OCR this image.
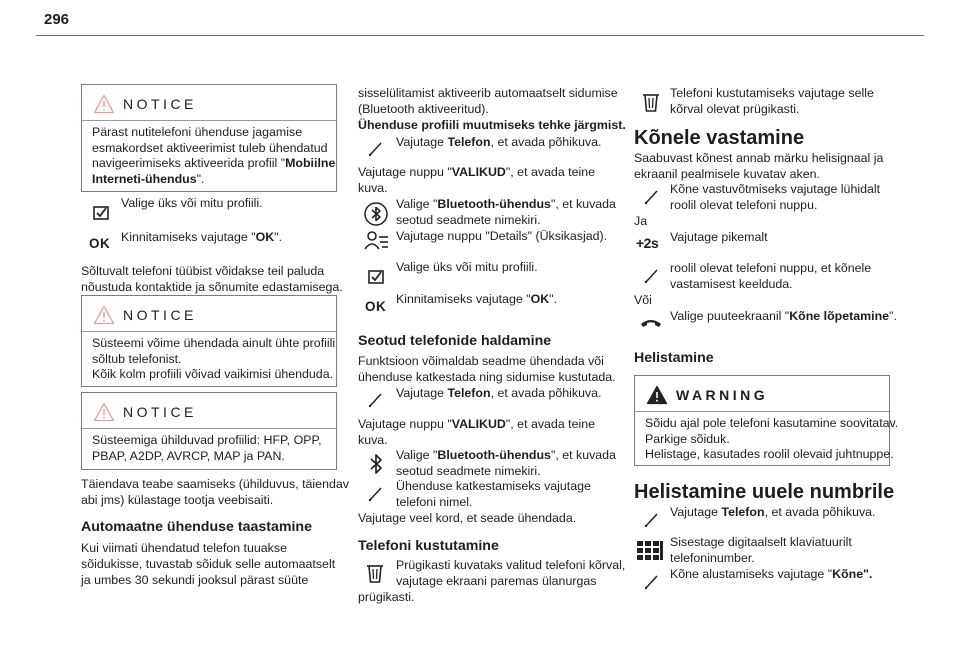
296
NOTICE
Pärast nutitelefoni ühenduse jagamise
esmakordset aktiveerimist tuleb ühendatud
navigeerimiseks aktiveerida profiil "Mobiilne
Interneti-ühendus".
Valige üks või mitu profiili.
OK Kinnitamiseks vajutage "OK".
Sõltuvalt telefoni tüübist võidakse teil paluda
nõustuda kontaktide ja sõnumite edastamisega.
NOTICE
Süsteemi võime ühendada ainult ühte profiili
sõltub telefonist.
Kõik kolm profiili võivad vaikimisi ühenduda.
NOTICE
Süsteemiga ühilduvad profiilid: HFP, OPP,
PBAP, A2DP, AVRCP, MAP ja PAN.
Täiendava teabe saamiseks (ühilduvus, täiendav
abi jms) külastage tootja veebisaiti.
Automaatne ühenduse taastamine
Kui viimati ühendatud telefon tuuakse
sõidukisse, tuvastab sõiduk selle automaatselt
ja umbes 30 sekundi jooksul pärast süüte
sisselülitamist aktiveerib automaatselt sidumise
(Bluetooth aktiveeritud).
Ühenduse profiili muutmiseks tehke järgmist.
Vajutage Telefon, et avada põhikuva.
Vajutage nuppu "VALIKUD", et avada teine
kuva.
Valige "Bluetooth-ühendus", et kuvada
seotud seadmete nimekiri.
Vajutage nuppu "Details" (Üksikasjad).
Valige üks või mitu profiili.
OK Kinnitamiseks vajutage "OK".
Seotud telefonide haldamine
Funktsioon võimaldab seadme ühendada või
ühenduse katkestada ning sidumise kustutada.
Vajutage Telefon, et avada põhikuva.
Vajutage nuppu "VALIKUD", et avada teine
kuva.
Valige "Bluetooth-ühendus", et kuvada
seotud seadmete nimekiri.
Ühenduse katkestamiseks vajutage
telefoni nimel.
Vajutage veel kord, et seade ühendada.
Telefoni kustutamine
Prügikasti kuvataks valitud telefoni kõrval,
vajutage ekraani paremas ülanurgas
prügikasti.
Telefoni kustutamiseks vajutage selle
kõrval olevat prügikasti.
Kõnele vastamine
Saabuvast kõnest annab märku helisignaal ja
ekraanil pealmisele kuvatav aken.
Kõne vastuvõtmiseks vajutage lühidalt
roolil olevat telefoni nuppu.
Ja
+2s Vajutage pikemalt
roolil olevat telefoni nuppu, et kõnele
vastamisest keelduda.
Või
Valige puuteekraanil "Kõne lõpetamine".
Helistamine
WARNING
Sõidu ajal pole telefoni kasutamine soovitatav.
Parkige sõiduk.
Helistage, kasutades roolil olevaid juhtnuppe.
Helistamine uuele numbrile
Vajutage Telefon, et avada põhikuva.
Sisestage digitaalselt klaviatuurilt
telefoninumber.
Kõne alustamiseks vajutage "Kõne".
